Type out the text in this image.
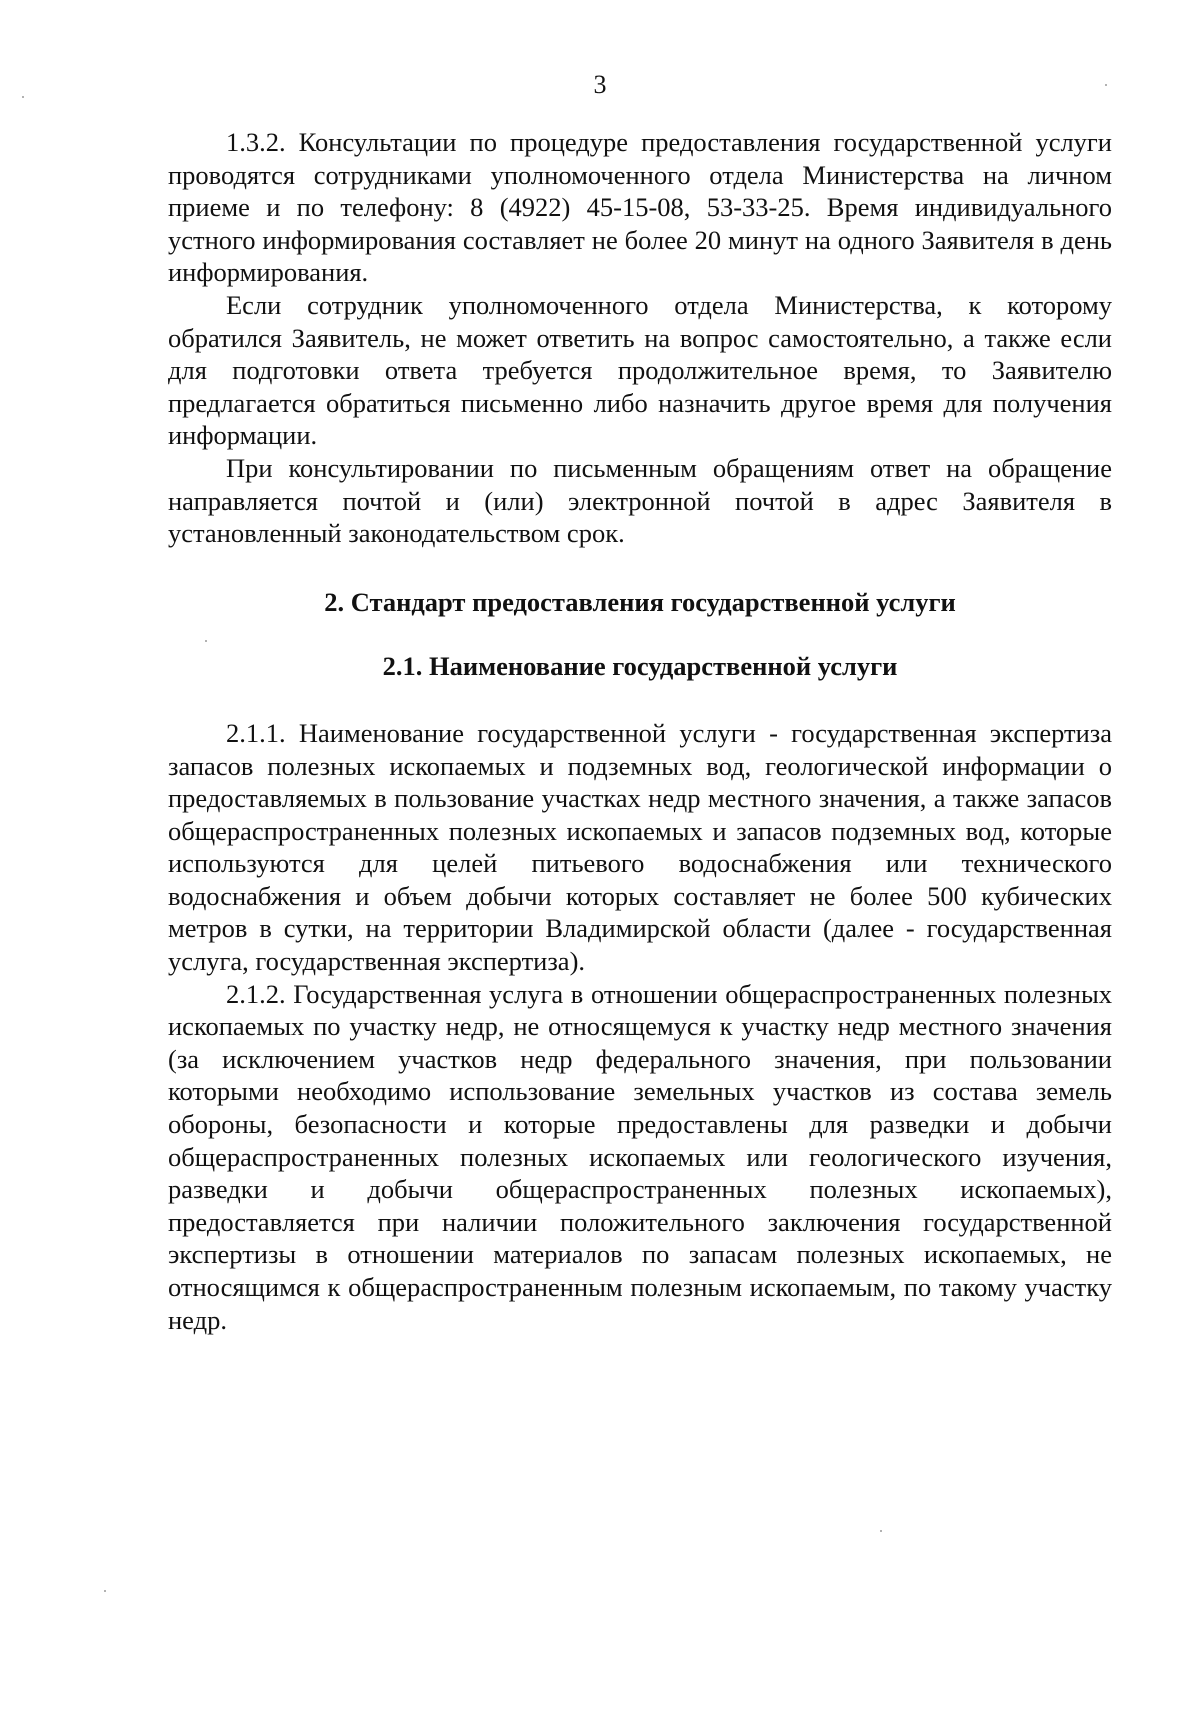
3

1.3.2. Консультации по процедуре предоставления государственной услуги проводятся сотрудниками уполномоченного отдела Министерства на личном приеме и по телефону: 8 (4922) 45-15-08, 53-33-25. Время индивидуального устного информирования составляет не более 20 минут на одного Заявителя в день информирования.

Если сотрудник уполномоченного отдела Министерства, к которому обратился Заявитель, не может ответить на вопрос самостоятельно, а также если для подготовки ответа требуется продолжительное время, то Заявителю предлагается обратиться письменно либо назначить другое время для получения информации.

При консультировании по письменным обращениям ответ на обращение направляется почтой и (или) электронной почтой в адрес Заявителя в установленный законодательством срок.

2. Стандарт предоставления государственной услуги

2.1. Наименование государственной услуги

2.1.1. Наименование государственной услуги - государственная экспертиза запасов полезных ископаемых и подземных вод, геологической информации о предоставляемых в пользование участках недр местного значения, а также запасов общераспространенных полезных ископаемых и запасов подземных вод, которые используются для целей питьевого водоснабжения или технического водоснабжения и объем добычи которых составляет не более 500 кубических метров в сутки, на территории Владимирской области (далее - государственная услуга, государственная экспертиза).

2.1.2. Государственная услуга в отношении общераспространенных полезных ископаемых по участку недр, не относящемуся к участку недр местного значения (за исключением участков недр федерального значения, при пользовании которыми необходимо использование земельных участков из состава земель обороны, безопасности и которые предоставлены для разведки и добычи общераспространенных полезных ископаемых или геологического изучения, разведки и добычи общераспространенных полезных ископаемых), предоставляется при наличии положительного заключения государственной экспертизы в отношении материалов по запасам полезных ископаемых, не относящимся к общераспространенным полезным ископаемым, по такому участку недр.
